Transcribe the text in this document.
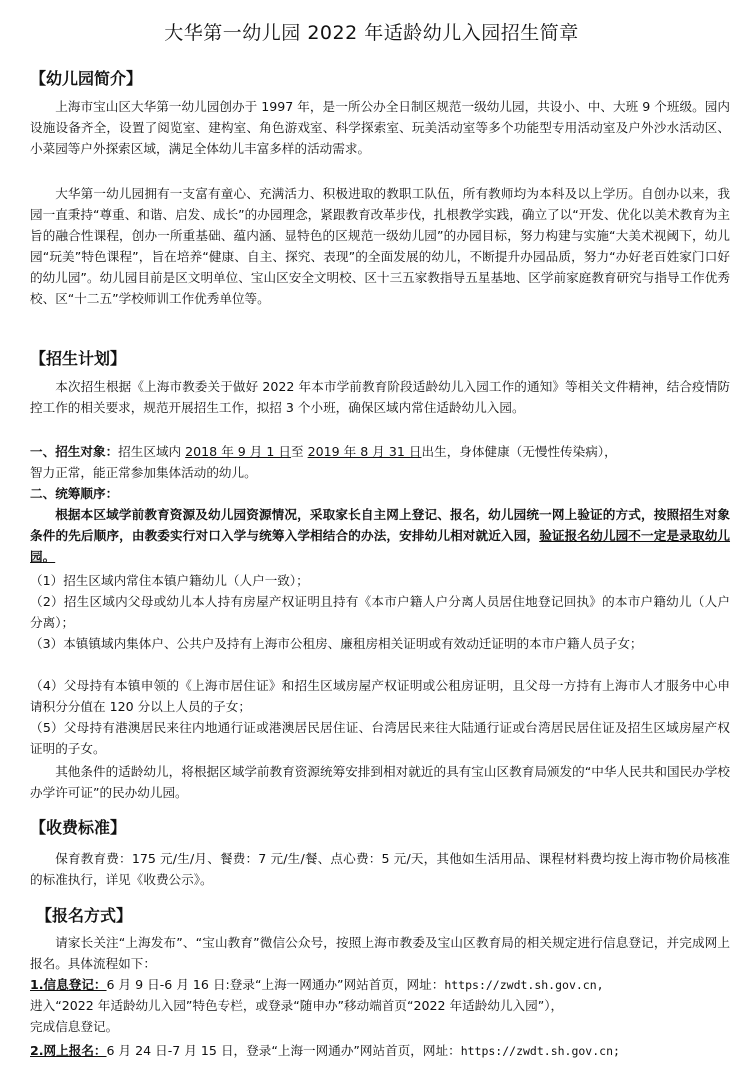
大华第一幼儿园 2022 年适龄幼儿入园招生简章
【幼儿园简介】

上海市宝山区大华第一幼儿园创办于 1997 年，是一所公办全日制区规范一级幼儿园，共设小、中、大班 9 个班级。园内设施设备齐全，设置了阅览室、建构室、角色游戏室、科学探索室、玩美活动室等多个功能型专用活动室及户外沙水活动区、小菜园等户外探索区域，满足全体幼儿丰富多样的活动需求。

大华第一幼儿园拥有一支富有童心、充满活力、积极进取的教职工队伍，所有教师均为本科及以上学历。自创办以来，我园一直秉持“尊重、和谐、启发、成长”的办园理念，紧跟教育改革步伐，扎根教学实践，确立了以“开发、优化以美术教育为主旨的融合性课程，创办一所重基础、蕴内涵、显特色的区规范一级幼儿园”的办园目标，努力构建与实施“大美术视阈下，幼儿园“玩美”特色课程”，旨在培养“健康、自主、探究、表现”的全面发展的幼儿，不断提升办园品质，努力“办好老百姓家门口好的幼儿园”。幼儿园目前是区文明单位、宝山区安全文明校、区十三五家教指导五星基地、区学前家庭教育研究与指导工作优秀校、区“十二五”学校师训工作优秀单位等。

【招生计划】

本次招生根据《上海市教委关于做好 2022 年本市学前教育阶段适龄幼儿入园工作的通知》等相关文件精神，结合疫情防控工作的相关要求，规范开展招生工作，拟招 3 个小班，确保区域内常住适龄幼儿入园。

一、招生对象：招生区域内 2018 年 9 月 1 日至 2019 年 8 月 31 日出生，身体健康（无慢性传染病），
智力正常，能正常参加集体活动的幼儿。
二、统筹顺序：

根据本区域学前教育资源及幼儿园资源情况，采取家长自主网上登记、报名，幼儿园统一网上验证的方式，按照招生对象条件的先后顺序，由教委实行对口入学与统筹入学相结合的办法，安排幼儿相对就近入园，验证报名幼儿园不一定是录取幼儿园。

（1）招生区域内常住本镇户籍幼儿（人户一致）；

（2）招生区域内父母或幼儿本人持有房屋产权证明且持有《本市户籍人户分离人员居住地登记回执》的本市户籍幼儿（人户分离）；

（3）本镇镇域内集体户、公共户及持有上海市公租房、廉租房相关证明或有效动迁证明的本市户籍人员子女；

（4）父母持有本镇申领的《上海市居住证》和招生区域房屋产权证明或公租房证明，且父母一方持有上海市人才服务中心申请积分分值在 120 分以上人员的子女；

（5）父母持有港澳居民来往内地通行证或港澳居民居住证、台湾居民来往大陆通行证或台湾居民居住证及招生区域房屋产权证明的子女。

其他条件的适龄幼儿，将根据区域学前教育资源统筹安排到相对就近的具有宝山区教育局颁发的“中华人民共和国民办学校办学许可证”的民办幼儿园。

【收费标准】

保育教育费：175 元/生/月、餐费：7 元/生/餐、点心费：5 元/天，其他如生活用品、课程材料费均按上海市物价局核准的标准执行，详见《收费公示》。

【报名方式】

请家长关注“上海发布”、“宝山教育”微信公众号，按照上海市教委及宝山区教育局的相关规定进行信息登记，并完成网上报名。具体流程如下：

1.信息登记：6 月 9 日-6 月 16 日:登录“上海一网通办”网站首页，网址：https://zwdt.sh.gov.cn,
进入“2022 年适龄幼儿入园”特色专栏，或登录“随申办”移动端首页“2022 年适龄幼儿入园”），
完成信息登记。
2.网上报名：6 月 24 日-7 月 15 日，登录“上海一网通办”网站首页，网址：https://zwdt.sh.gov.cn;
